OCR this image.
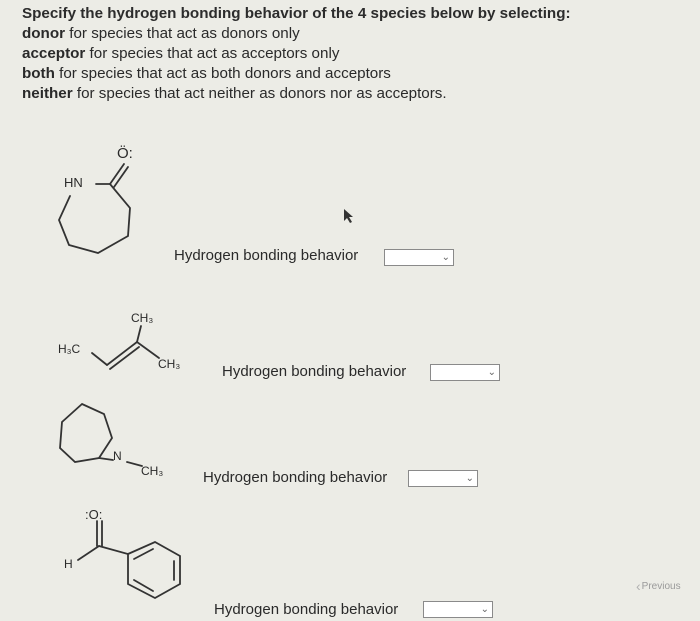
Specify the hydrogen bonding behavior of the 4 species below by selecting:
donor for species that act as donors only
acceptor for species that act as acceptors only
both for species that act as both donors and acceptors
neither for species that act neither as donors nor as acceptors.
HN
Ö:
CH₃
H₃C
CH₃
N
CH₃
:O:
H
Hydrogen bonding behavior	⌄
Hydrogen bonding behavior	⌄
Hydrogen bonding behavior	⌄
Hydrogen bonding behavior	⌄
‹ Previous
